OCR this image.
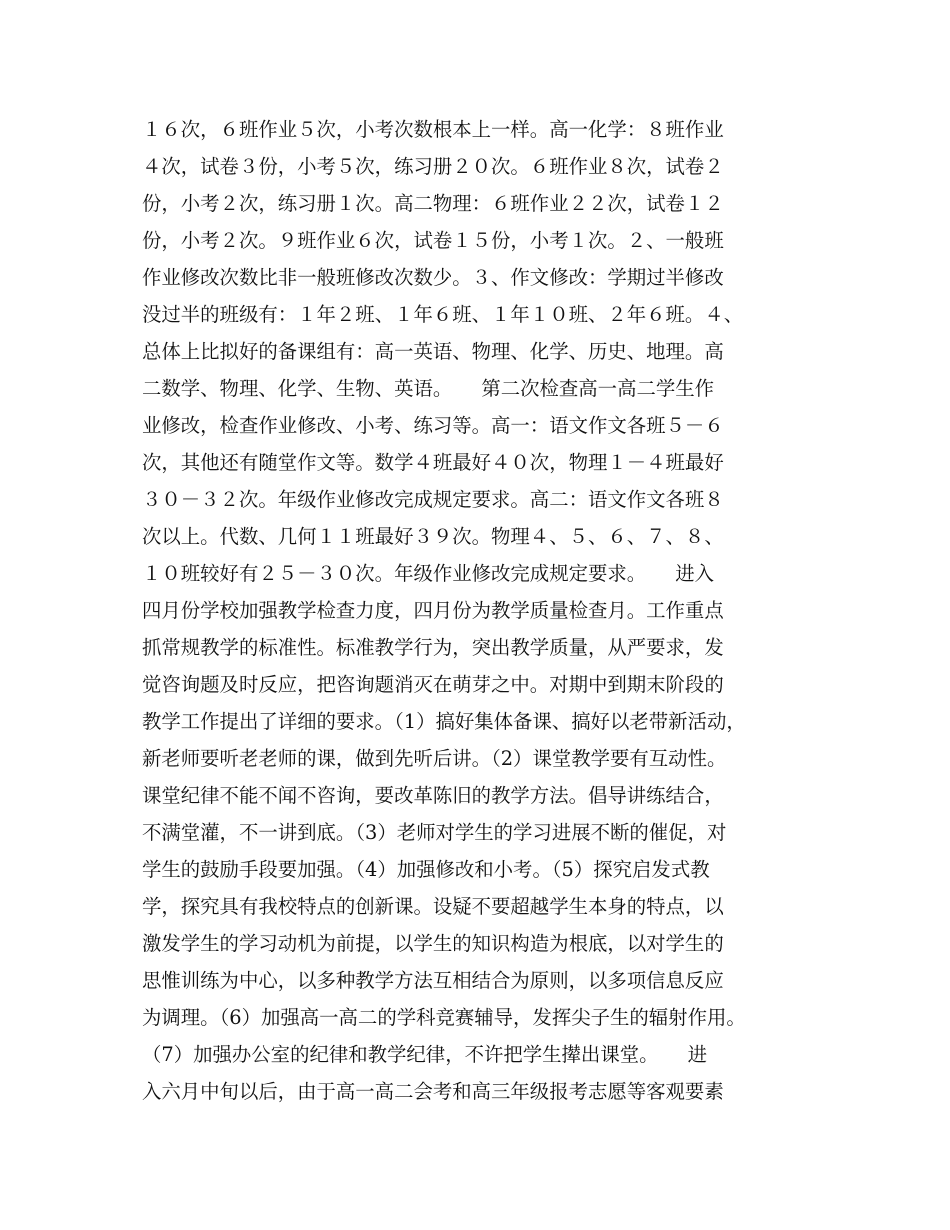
１６次，６班作业５次，小考次数根本上一样。高一化学：８班作业
４次，试卷３份，小考５次，练习册２０次。６班作业８次，试卷２
份，小考２次，练习册１次。高二物理：６班作业２２次，试卷１２
份，小考２次。９班作业６次，试卷１５份，小考１次。２、一般班
作业修改次数比非一般班修改次数少。３、作文修改：学期过半修改
没过半的班级有：１年２班、１年６班、１年１０班、２年６班。４、
总体上比拟好的备课组有：高一英语、物理、化学、历史、地理。高
二数学、物理、化学、生物、英语。　　第二次检查高一高二学生作
业修改，检查作业修改、小考、练习等。高一：语文作文各班５－６
次，其他还有随堂作文等。数学４班最好４０次，物理１－４班最好
３０－３２次。年级作业修改完成规定要求。高二：语文作文各班８
次以上。代数、几何１１班最好３９次。物理４、５、６、７、８、
１０班较好有２５－３０次。年级作业修改完成规定要求。　　进入
四月份学校加强教学检查力度，四月份为教学质量检查月。工作重点
抓常规教学的标准性。标准教学行为，突出教学质量，从严要求，发
觉咨询题及时反应，把咨询题消灭在萌芽之中。对期中到期末阶段的
教学工作提出了详细的要求。（1）搞好集体备课、搞好以老带新活动，
新老师要听老老师的课，做到先听后讲。（2）课堂教学要有互动性。
课堂纪律不能不闻不咨询，要改革陈旧的教学方法。倡导讲练结合，
不满堂灌，不一讲到底。（3）老师对学生的学习进展不断的催促，对
学生的鼓励手段要加强。（4）加强修改和小考。（5）探究启发式教
学，探究具有我校特点的创新课。设疑不要超越学生本身的特点，以
激发学生的学习动机为前提，以学生的知识构造为根底，以对学生的
思惟训练为中心，以多种教学方法互相结合为原则，以多项信息反应
为调理。（6）加强高一高二的学科竞赛辅导，发挥尖子生的辐射作用。
（7）加强办公室的纪律和教学纪律，不许把学生撵出课堂。　　进
入六月中旬以后，由于高一高二会考和高三年级报考志愿等客观要素
